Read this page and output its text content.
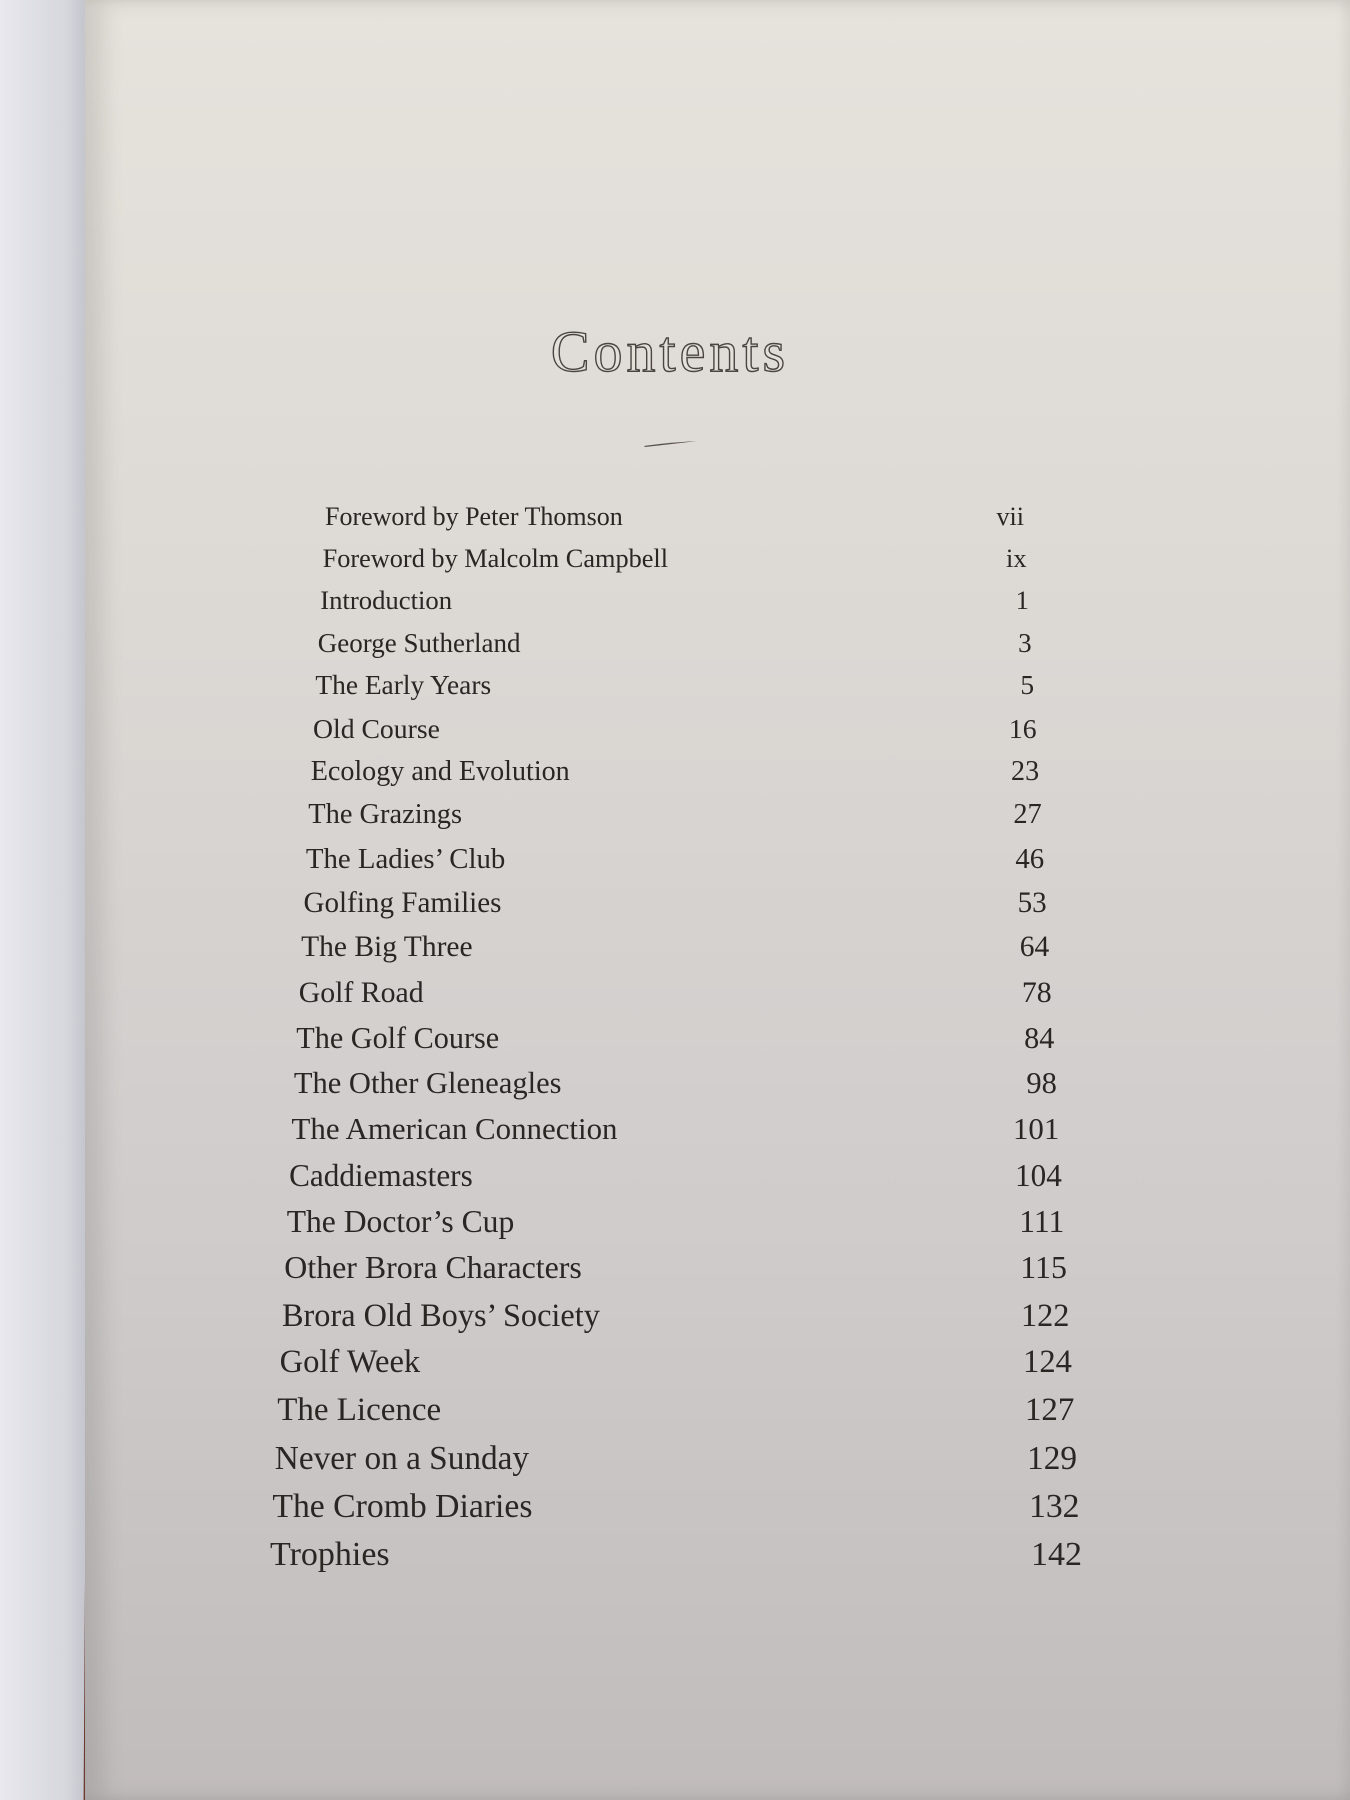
Contents
Foreword by Peter Thomson	vii
Foreword by Malcolm Campbell	ix
Introduction	1
George Sutherland	3
The Early Years	5
Old Course	16
Ecology and Evolution	23
The Grazings	27
The Ladies’ Club	46
Golfing Families	53
The Big Three	64
Golf Road	78
The Golf Course	84
The Other Gleneagles	98
The American Connection	101
Caddiemasters	104
The Doctor’s Cup	111
Other Brora Characters	115
Brora Old Boys’ Society	122
Golf Week	124
The Licence	127
Never on a Sunday	129
The Cromb Diaries	132
Trophies	142
